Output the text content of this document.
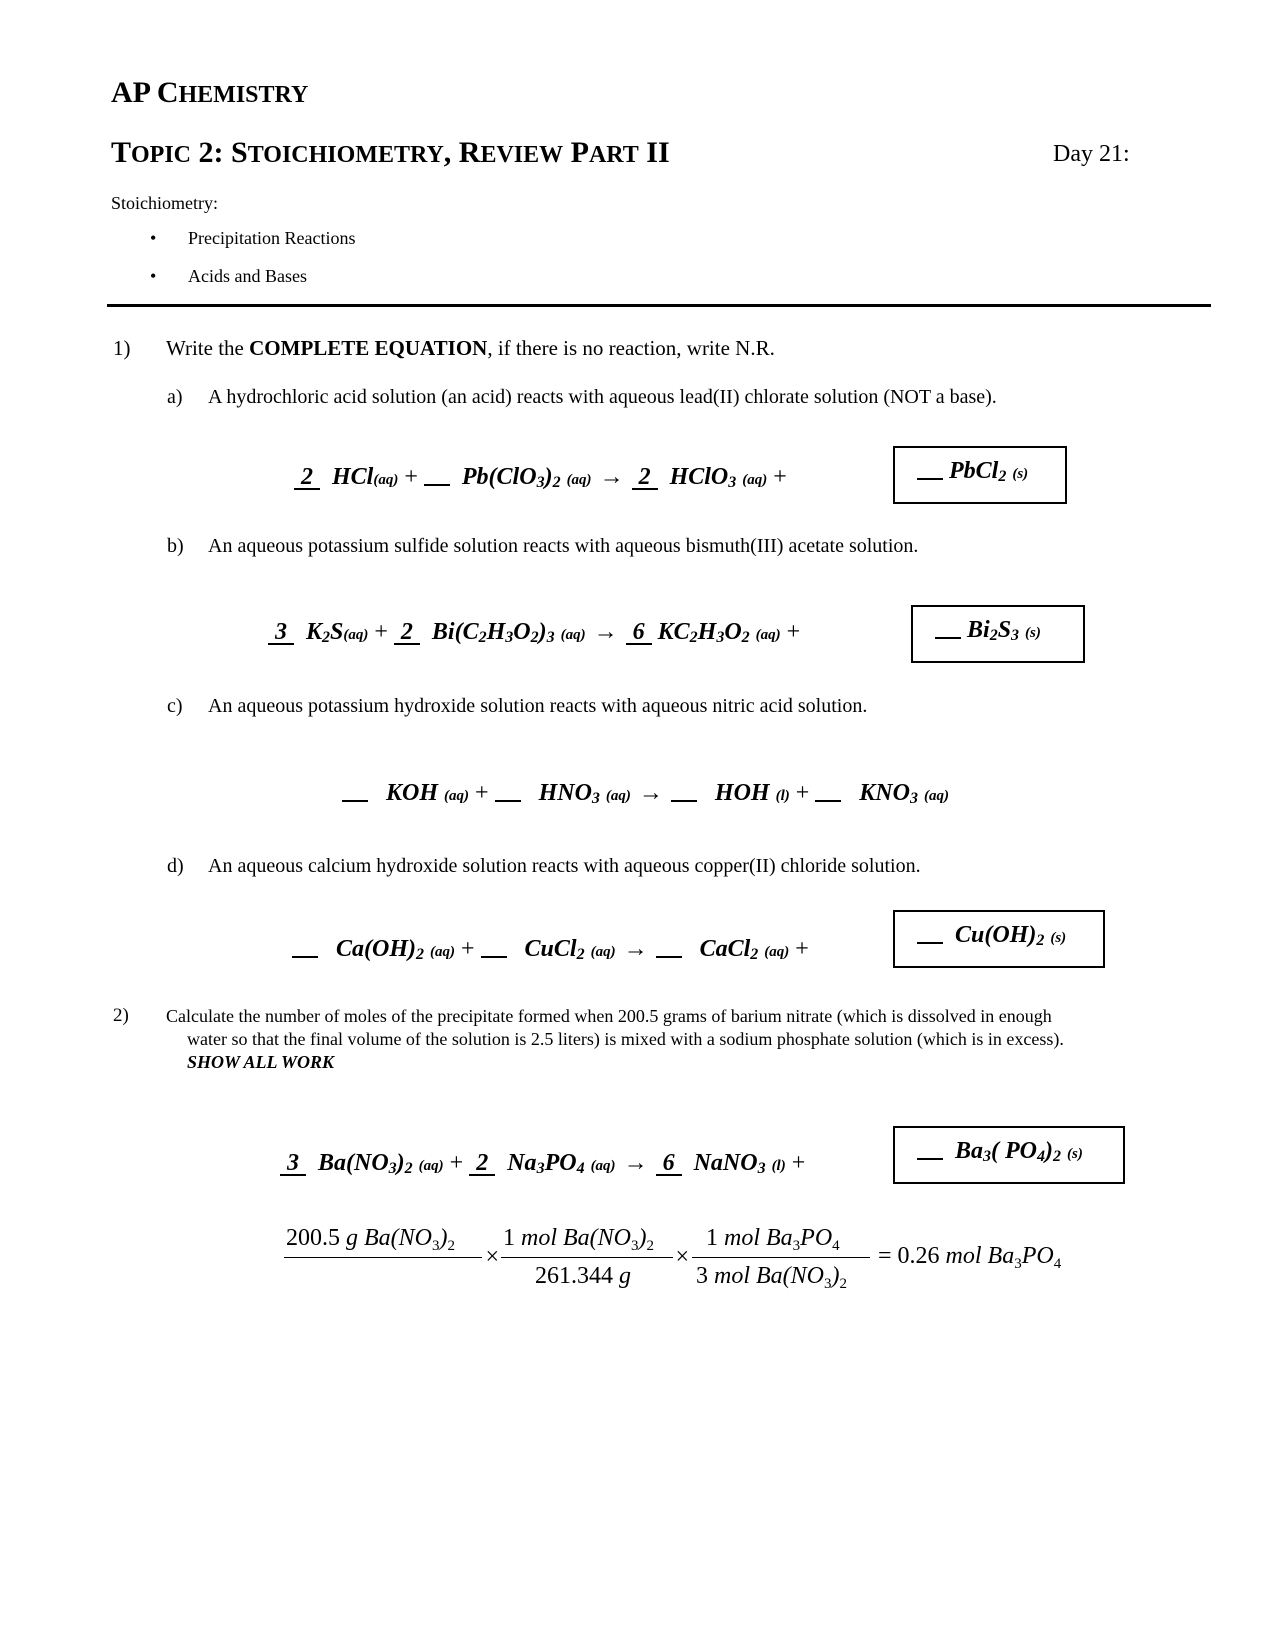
AP CHEMISTRY
TOPIC 2: STOICHIOMETRY, REVIEW PART II	Day 21:
Stoichiometry:
• Precipitation Reactions
• Acids and Bases
1) Write the COMPLETE EQUATION, if there is no reaction, write N.R.
a) A hydrochloric acid solution (an acid) reacts with aqueous lead(II) chlorate solution (NOT a base).
2 HCl(aq) + Pb(ClO3)2 (aq) → 2 HClO3 (aq) +	PbCl2 (s)
b) An aqueous potassium sulfide solution reacts with aqueous bismuth(III) acetate solution.
3 K2S(aq) + 2 Bi(C2H3O2)3 (aq) → 6 KC2H3O2 (aq) +	Bi2S3 (s)
c) An aqueous potassium hydroxide solution reacts with aqueous nitric acid solution.
KOH (aq) + HNO3 (aq) → HOH (l) + KNO3 (aq)
d) An aqueous calcium hydroxide solution reacts with aqueous copper(II) chloride solution.
Ca(OH)2 (aq) + CuCl2 (aq) → CaCl2 (aq) +
Cu(OH)2 (s)
2) Calculate the number of moles of the precipitate formed when 200.5 grams of barium nitrate (which is dissolved in enough
water so that the final volume of the solution is 2.5 liters) is mixed with a sodium phosphate solution (which is in excess).
SHOW ALL WORK
3 Ba(NO3)2 (aq) + 2 Na3PO4 (aq) → 6 NaNO3 (l) +	Ba3( PO4)2 (s)
200.5 g $Ba(NO_3)_2$ ×
1 mol $Ba(NO_3)_2$
261.344 g
×
1 mol $Ba_3PO_4$
3 mol $Ba(NO_3)_2$
= 0.26 mol $Ba_3PO_4$
